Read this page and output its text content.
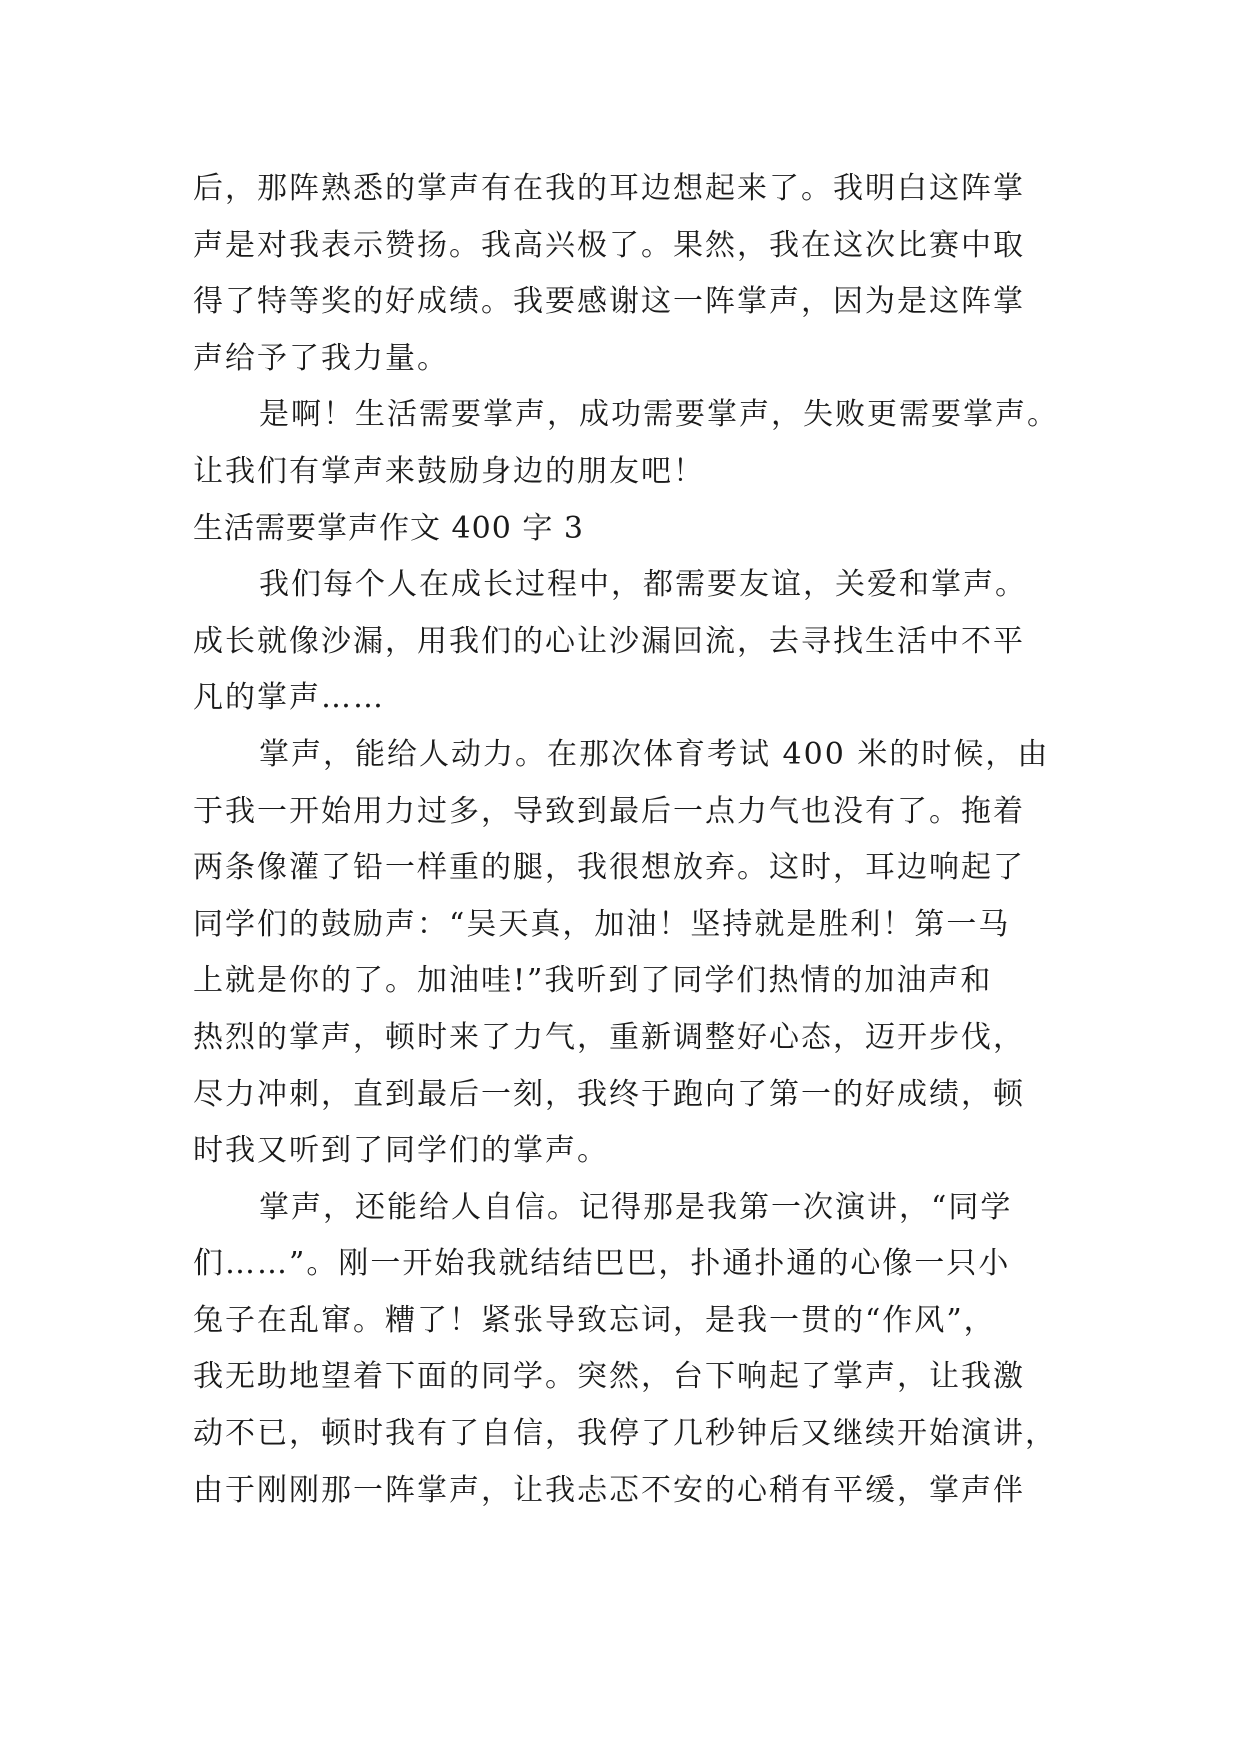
后，那阵熟悉的掌声有在我的耳边想起来了。我明白这阵掌
声是对我表示赞扬。我高兴极了。果然，我在这次比赛中取
得了特等奖的好成绩。我要感谢这一阵掌声，因为是这阵掌
声给予了我力量。
是啊！生活需要掌声，成功需要掌声，失败更需要掌声。
让我们有掌声来鼓励身边的朋友吧！
生活需要掌声作文 400 字 3
我们每个人在成长过程中，都需要友谊，关爱和掌声。
成长就像沙漏，用我们的心让沙漏回流，去寻找生活中不平
凡的掌声……
掌声，能给人动力。在那次体育考试 400 米的时候，由
于我一开始用力过多，导致到最后一点力气也没有了。拖着
两条像灌了铅一样重的腿，我很想放弃。这时，耳边响起了
同学们的鼓励声：“吴天真，加油！坚持就是胜利！第一马
上就是你的了。加油哇!”我听到了同学们热情的加油声和
热烈的掌声，顿时来了力气，重新调整好心态，迈开步伐，
尽力冲刺，直到最后一刻，我终于跑向了第一的好成绩，顿
时我又听到了同学们的掌声。
掌声，还能给人自信。记得那是我第一次演讲，“同学
们……”。刚一开始我就结结巴巴，扑通扑通的心像一只小
兔子在乱窜。糟了！紧张导致忘词，是我一贯的“作风”，
我无助地望着下面的同学。突然，台下响起了掌声，让我激
动不已，顿时我有了自信，我停了几秒钟后又继续开始演讲，
由于刚刚那一阵掌声，让我忐忑不安的心稍有平缓，掌声伴
